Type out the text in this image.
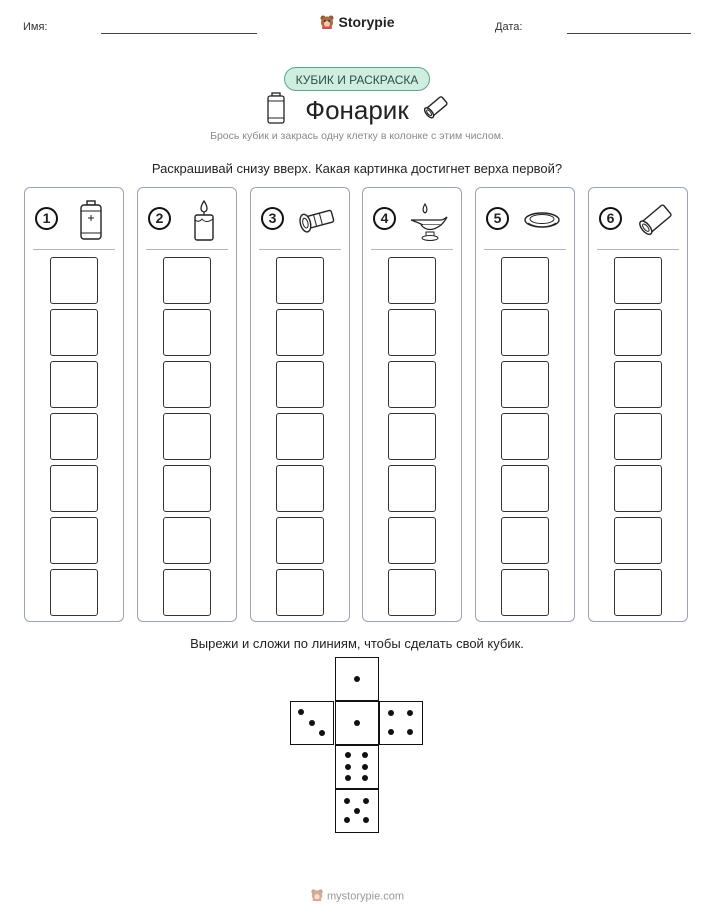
Имя:	Storypie	Дата:
КУБИК И РАСКРАСКА
Фонарик
Брось кубик и закрась одну клетку в колонке с этим числом.
Раскрашивай снизу вверх. Какая картинка достигнет верха первой?
1	2	3	4	5	6
Вырежи и сложи по линиям, чтобы сделать свой кубик.
mystorypie.com
